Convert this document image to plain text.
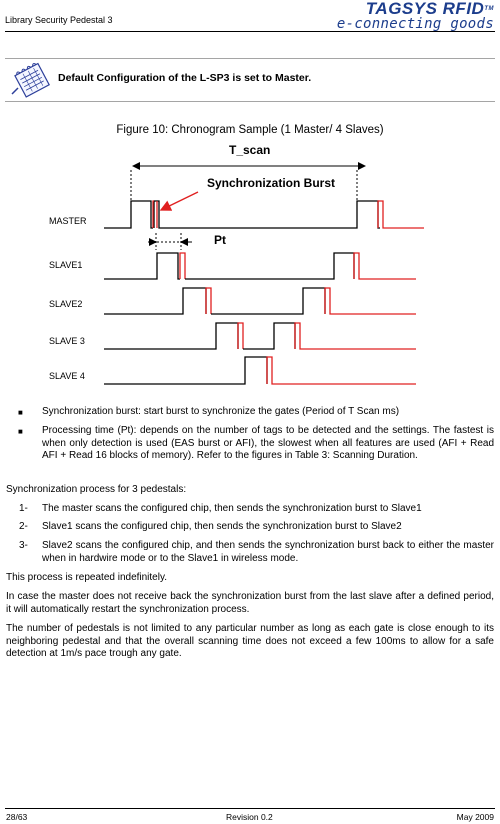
Library Security Pedestal 3
TAGSYS RFID™
e-connecting goods
Default Configuration of the L-SP3 is set to Master.
Figure 10: Chronogram Sample (1 Master/ 4 Slaves)
T_scan
Synchronization Burst
Pt
MASTER
SLAVE1
SLAVE2
SLAVE 3
SLAVE 4
■ Synchronization burst: start burst to synchronize the gates (Period of T Scan ms)
■ Processing time (Pt): depends on the number of tags to be detected and the settings. The fastest is when only detection is used (EAS burst or AFI), the slowest when all features are used (AFI + Read AFI + Read 16 blocks of memory). Refer to the figures in Table 3: Scanning Duration.
Synchronization process for 3 pedestals:
1- The master scans the configured chip, then sends the synchronization burst to Slave1
2- Slave1 scans the configured chip, then sends the synchronization burst to Slave2
3- Slave2 scans the configured chip, and then sends the synchronization burst back to either the master when in hardwire mode or to the Slave1 in wireless mode.
This process is repeated indefinitely.
In case the master does not receive back the synchronization burst from the last slave after a defined period, it will automatically restart the synchronization process.
The number of pedestals is not limited to any particular number as long as each gate is close enough to its neighboring pedestal and that the overall scanning time does not exceed a few 100ms to allow for a safe detection at 1m/s pace trough any gate.
28/63	Revision 0.2	May 2009
